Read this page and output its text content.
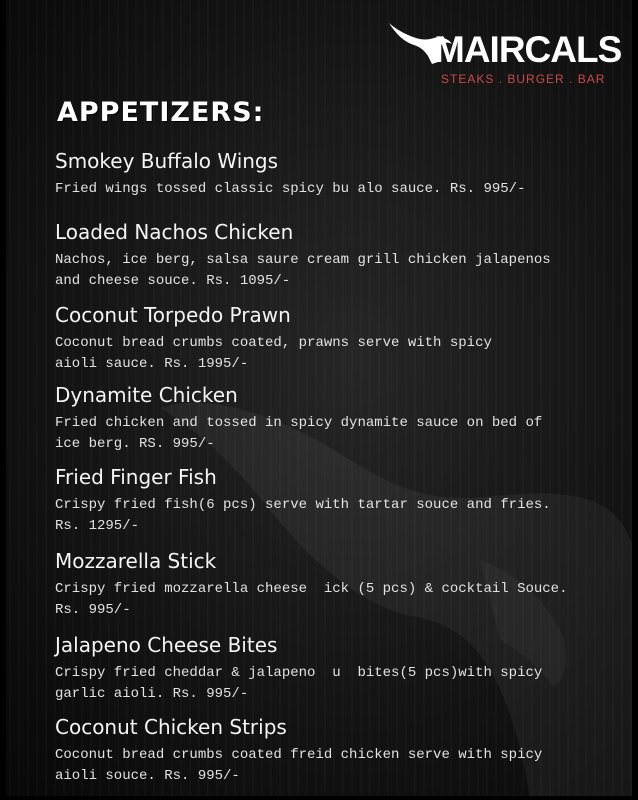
MAIRCALS
STEAKS . BURGER . BAR
APPETIZERS:
Smokey Buffalo Wings
Fried wings tossed classic spicy bu alo sauce. Rs. 995/-
Loaded Nachos Chicken
Nachos, ice berg, salsa saure cream grill chicken jalapenos
and cheese souce. Rs. 1095/-
Coconut Torpedo Prawn
Coconut bread crumbs coated, prawns serve with spicy
aioli sauce. Rs. 1995/-
Dynamite Chicken
Fried chicken and tossed in spicy dynamite sauce on bed of
ice berg. RS. 995/-
Fried Finger Fish
Crispy fried fish(6 pcs) serve with tartar souce and fries.
Rs. 1295/-
Mozzarella Stick
Crispy fried mozzarella cheese  ick (5 pcs) & cocktail Souce.
Rs. 995/-
Jalapeno Cheese Bites
Crispy fried cheddar & jalapeno  u  bites(5 pcs)with spicy
garlic aioli. Rs. 995/-
Coconut Chicken Strips
Coconut bread crumbs coated freid chicken serve with spicy
aioli souce. Rs. 995/-
